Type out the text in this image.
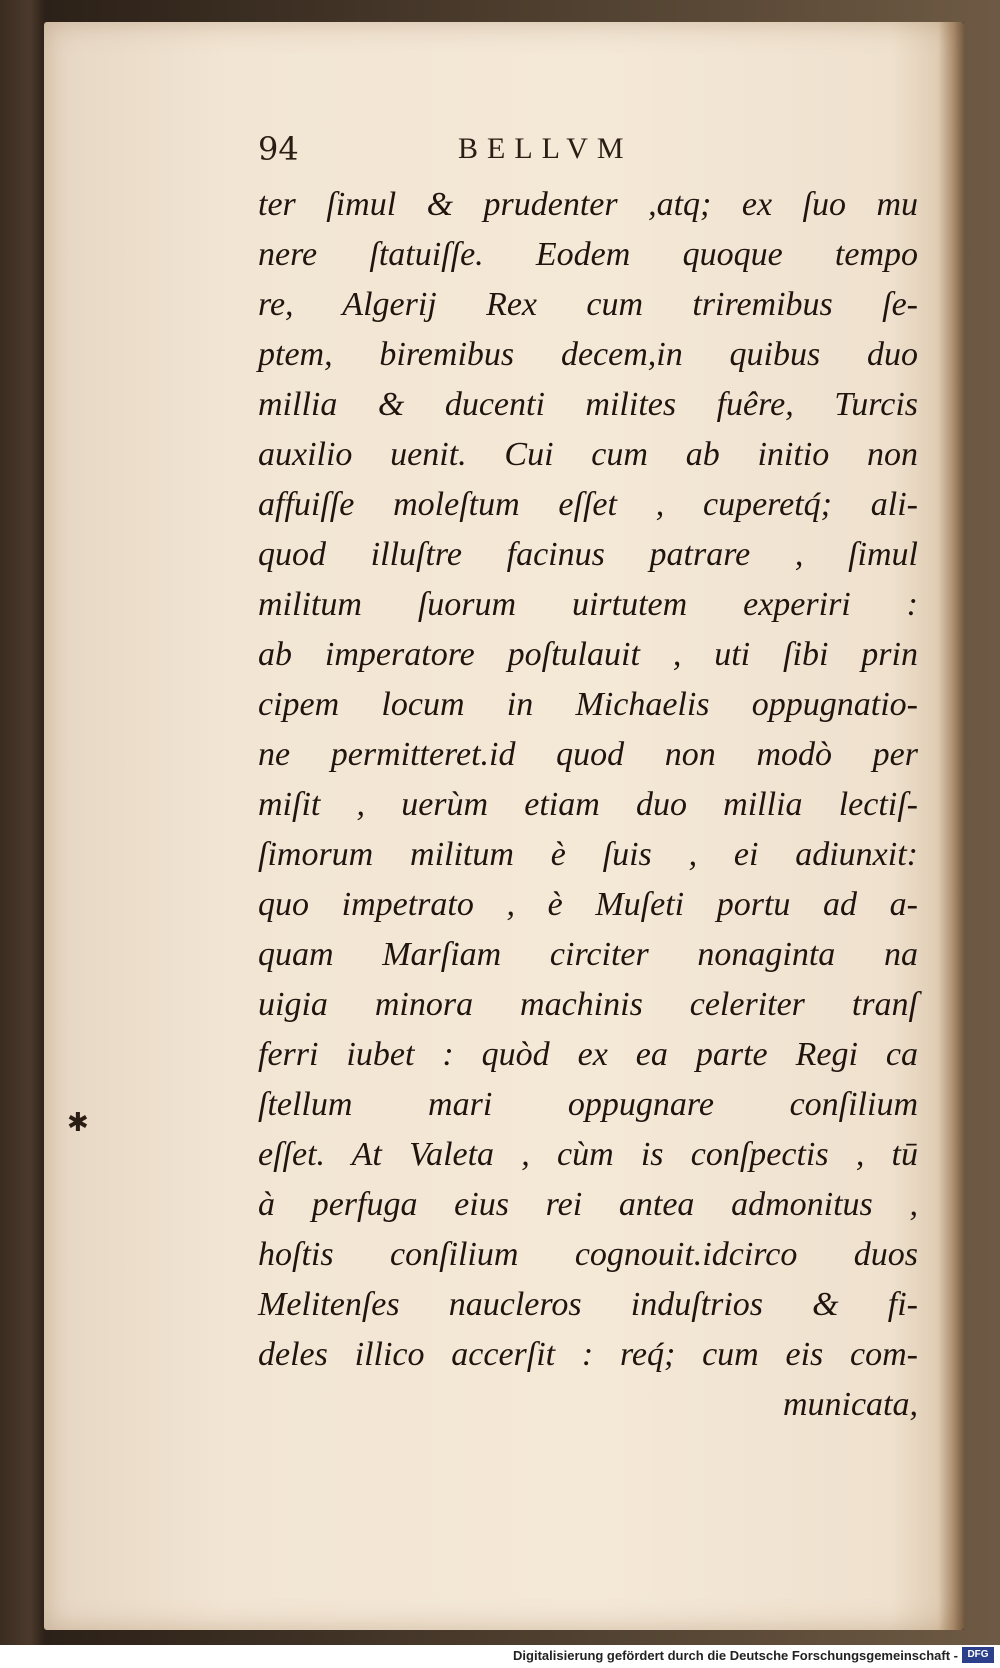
94	BELLVM
ter ſimul & prudenter ,atq; ex ſuo mu
nere ſtatuiſſe. Eodem quoque tempo
re, Algerij Rex cum triremibus ſe-
ptem, biremibus decem,in quibus duo
millia & ducenti milites fuêre, Turcis
auxilio uenit. Cui cum ab initio non
affuiſſe moleſtum eſſet , cuperetq́; ali-
quod illuſtre facinus patrare , ſimul
militum ſuorum uirtutem experiri :
ab imperatore poſtulauit , uti ſibi prin
cipem locum in Michaelis oppugnatio-
ne permitteret.id quod non modò per
miſit , uerùm etiam duo millia lectiſ-
ſimorum militum è ſuis , ei adiunxit:
quo impetrato , è Muſeti portu ad a-
quam Marſiam circiter nonaginta na
uigia minora machinis celeriter tranſ
ferri iubet : quòd ex ea parte Regi ca
ſtellum mari oppugnare conſilium
eſſet. At Valeta , cùm is conſpectis , tū
à perfuga eius rei antea admonitus ,
hoſtis conſilium cognouit.idcirco duos
Melitenſes naucleros induſtrios & fi-
deles illico accerſit : req́; cum eis com-
municata,
✱
Digitalisierung gefördert durch die Deutsche Forschungsgemeinschaft - DFG
